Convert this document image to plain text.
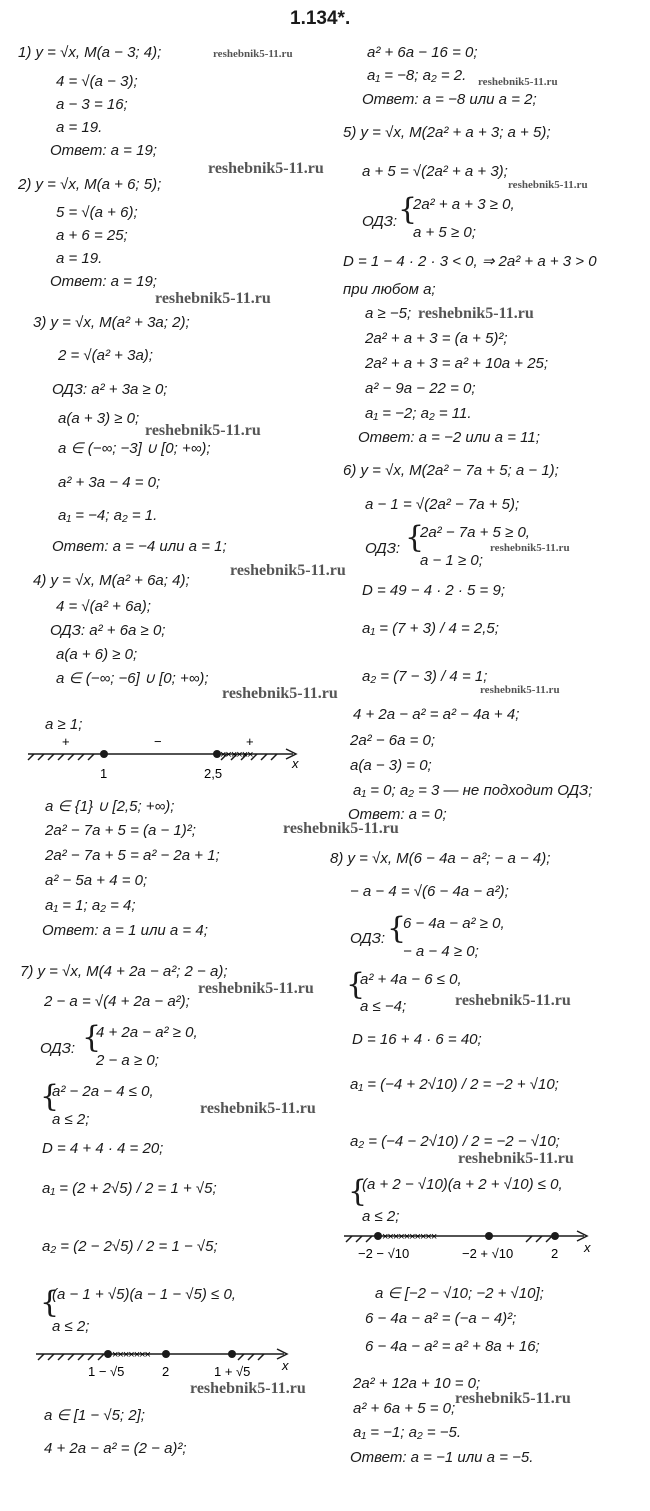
1.134*.
1) y = √x, M(a − 3; 4);
4 = √(a − 3);
a − 3 = 16;
a = 19.
Ответ: a = 19;
2) y = √x, M(a + 6; 5);
5 = √(a + 6);
a + 6 = 25;
a = 19.
Ответ: a = 19;
3) y = √x, M(a² + 3a; 2);
2 = √(a² + 3a);
ОДЗ: a² + 3a ≥ 0;
a(a + 3) ≥ 0;
a ∈ (−∞; −3] ∪ [0; +∞);
a² + 3a − 4 = 0;
a₁ = −4; a₂ = 1.
Ответ: a = −4 или a = 1;
4) y = √x, M(a² + 6a; 4);
4 = √(a² + 6a);
ОДЗ: a² + 6a ≥ 0;
a(a + 6) ≥ 0;
a ∈ (−∞; −6] ∪ [0; +∞);
a ≥ 1;
a ∈ {1} ∪ [2,5; +∞);
2a² − 7a + 5 = (a − 1)²;
2a² − 7a + 5 = a² − 2a + 1;
a² − 5a + 4 = 0;
a₁ = 1; a₂ = 4;
Ответ: a = 1 или a = 4;
7) y = √x, M(4 + 2a − a²; 2 − a);
2 − a = √(4 + 2a − a²);
ОДЗ:
4 + 2a − a² ≥ 0,
2 − a ≥ 0;
a² − 2a − 4 ≤ 0,
a ≤ 2;
D = 4 + 4 · 4 = 20;
a₁ = (2 + 2√5) / 2 = 1 + √5;
a₂ = (2 − 2√5) / 2 = 1 − √5;
(a − 1 + √5)(a − 1 − √5) ≤ 0,
a ≤ 2;
a ∈ [1 − √5; 2];
4 + 2a − a² = (2 − a)²;
a² + 6a − 16 = 0;
a₁ = −8; a₂ = 2.
Ответ: a = −8 или a = 2;
5) y = √x, M(2a² + a + 3; a + 5);
a + 5 = √(2a² + a + 3);
ОДЗ:
2a² + a + 3 ≥ 0,
a + 5 ≥ 0;
D = 1 − 4 · 2 · 3 < 0, ⇒ 2a² + a + 3 > 0
при любом a;
a ≥ −5;
2a² + a + 3 = (a + 5)²;
2a² + a + 3 = a² + 10a + 25;
a² − 9a − 22 = 0;
a₁ = −2; a₂ = 11.
Ответ: a = −2 или a = 11;
6) y = √x, M(2a² − 7a + 5; a − 1);
a − 1 = √(2a² − 7a + 5);
ОДЗ:
2a² − 7a + 5 ≥ 0,
a − 1 ≥ 0;
D = 49 − 4 · 2 · 5 = 9;
a₁ = (7 + 3) / 4 = 2,5;
a₂ = (7 − 3) / 4 = 1;
4 + 2a − a² = a² − 4a + 4;
2a² − 6a = 0;
a(a − 3) = 0;
a₁ = 0; a₂ = 3 — не подходит ОДЗ;
Ответ: a = 0;
8) y = √x, M(6 − 4a − a²; − a − 4);
− a − 4 = √(6 − 4a − a²);
ОДЗ:
6 − 4a − a² ≥ 0,
− a − 4 ≥ 0;
a² + 4a − 6 ≤ 0,
a ≤ −4;
D = 16 + 4 · 6 = 40;
a₁ = (−4 + 2√10) / 2 = −2 + √10;
a₂ = (−4 − 2√10) / 2 = −2 − √10;
(a + 2 − √10)(a + 2 + √10) ≤ 0,
a ≤ 2;
a ∈ [−2 − √10; −2 + √10];
6 − 4a − a² = (−a − 4)²;
6 − 4a − a² = a² + 8a + 16;
2a² + 12a + 10 = 0;
a² + 6a + 5 = 0;
a₁ = −1; a₂ = −5.
Ответ: a = −1 или a = −5.
{
{
{
{
{
{
{
{
reshebnik5-11.ru
reshebnik5-11.ru
reshebnik5-11.ru
reshebnik5-11.ru
reshebnik5-11.ru
reshebnik5-11.ru
reshebnik5-11.ru
reshebnik5-11.ru
reshebnik5-11.ru
reshebnik5-11.ru
reshebnik5-11.ru
reshebnik5-11.ru
reshebnik5-11.ru
reshebnik5-11.ru
reshebnik5-11.ru
reshebnik5-11.ru
reshebnik5-11.ru
reshebnik5-11.ru
1	2,5
x
+	−	+
××××××
×××××××
1 − √5	2	1 + √5 x
××××××××××
−2 − √10	−2 + √10	2 x
